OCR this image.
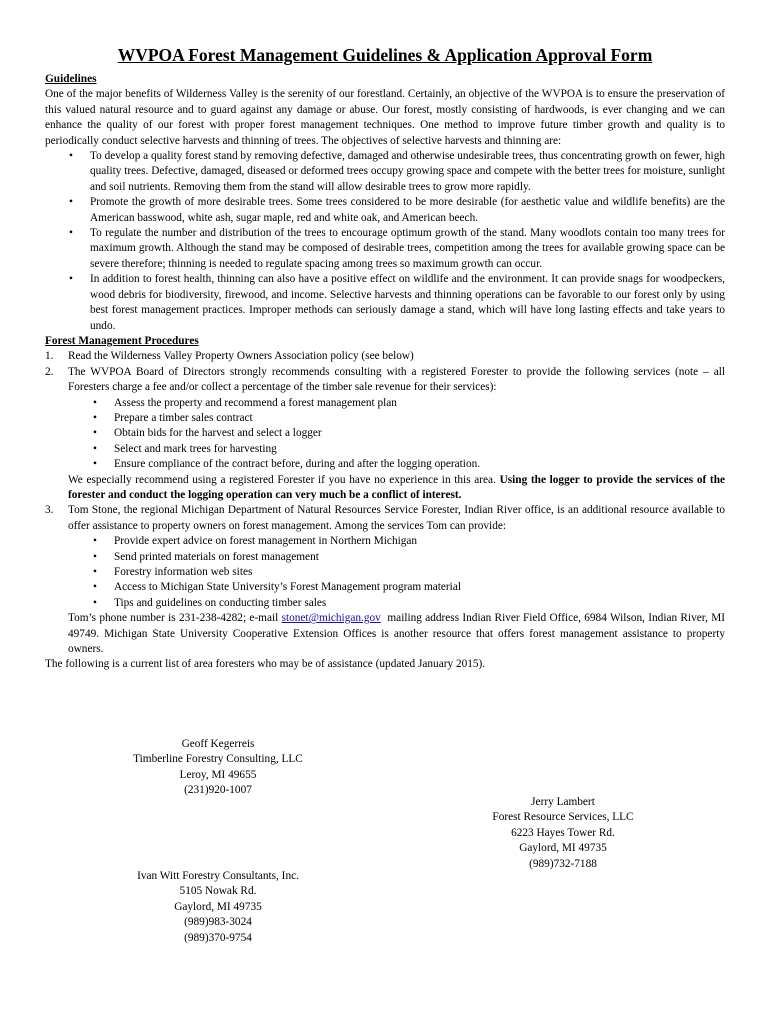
WVPOA Forest Management Guidelines & Application Approval Form
Guidelines

One of the major benefits of Wilderness Valley is the serenity of our forestland. Certainly, an objective of the WVPOA is to ensure the preservation of this valued natural resource and to guard against any damage or abuse. Our forest, mostly consisting of hardwoods, is ever changing and we can enhance the quality of our forest with proper forest management techniques. One method to improve future timber growth and quality is to periodically conduct selective harvests and thinning of trees. The objectives of selective harvests and thinning are:

• To develop a quality forest stand by removing defective, damaged and otherwise undesirable trees, thus concentrating growth on fewer, high quality trees. Defective, damaged, diseased or deformed trees occupy growing space and compete with the better trees for moisture, sunlight and soil nutrients. Removing them from the stand will allow desirable trees to grow more rapidly.
• Promote the growth of more desirable trees. Some trees considered to be more desirable (for aesthetic value and wildlife benefits) are the American basswood, white ash, sugar maple, red and white oak, and American beech.
• To regulate the number and distribution of the trees to encourage optimum growth of the stand. Many woodlots contain too many trees for maximum growth. Although the stand may be composed of desirable trees, competition among the trees for available growing space can be severe therefore; thinning is needed to regulate spacing among trees so maximum growth can occur.
• In addition to forest health, thinning can also have a positive effect on wildlife and the environment. It can provide snags for woodpeckers, wood debris for biodiversity, firewood, and income. Selective harvests and thinning operations can be favorable to our forest only by using best forest management practices. Improper methods can seriously damage a stand, which will have long lasting effects and take years to undo.
Forest Management Procedures
1. Read the Wilderness Valley Property Owners Association policy (see below)
2. The WVPOA Board of Directors strongly recommends consulting with a registered Forester to provide the following services (note – all Foresters charge a fee and/or collect a percentage of the timber sale revenue for their services):
• Assess the property and recommend a forest management plan
• Prepare a timber sales contract
• Obtain bids for the harvest and select a logger
• Select and mark trees for harvesting
• Ensure compliance of the contract before, during and after the logging operation.
We especially recommend using a registered Forester if you have no experience in this area. Using the logger to provide the services of the forester and conduct the logging operation can very much be a conflict of interest.
3. Tom Stone, the regional Michigan Department of Natural Resources Service Forester, Indian River office, is an additional resource available to offer assistance to property owners on forest management. Among the services Tom can provide:
• Provide expert advice on forest management in Northern Michigan
• Send printed materials on forest management
• Forestry information web sites
• Access to Michigan State University’s Forest Management program material
• Tips and guidelines on conducting timber sales
Tom’s phone number is 231-238-4282; e-mail stonet@michigan.gov mailing address Indian River Field Office, 6984 Wilson, Indian River, MI 49749. Michigan State University Cooperative Extension Offices is another resource that offers forest management assistance to property owners.

The following is a current list of area foresters who may be of assistance (updated January 2015).

Geoff Kegerreis
Timberline Forestry Consulting, LLC
Leroy, MI 49655
(231)920-1007
Jerry Lambert
Forest Resource Services, LLC
6223 Hayes Tower Rd.
Gaylord, MI 49735
(989)732-7188
Ivan Witt Forestry Consultants, Inc.
5105 Nowak Rd.
Gaylord, MI 49735
(989)983-3024
(989)370-9754
